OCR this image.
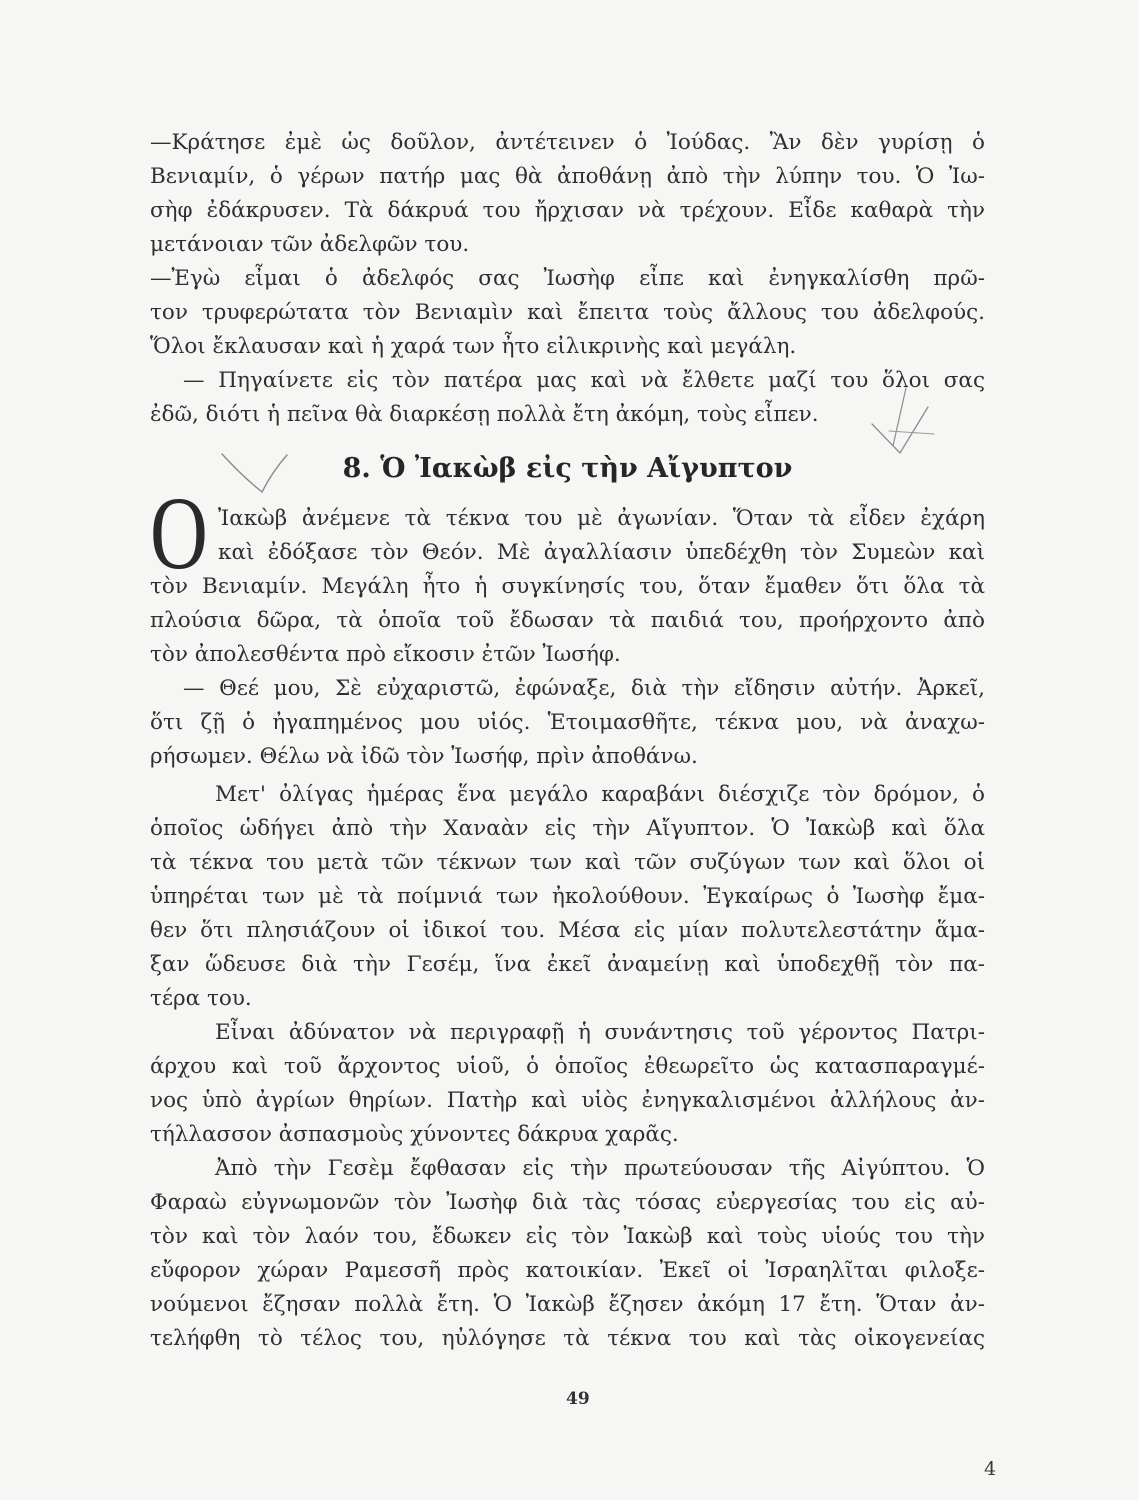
—Κράτησε ἐμὲ ὡς δοῦλον, ἀντέτεινεν ὁ Ἰούδας. Ἂν δὲν γυρίσῃ ὁ
Βενιαμίν, ὁ γέρων πατήρ μας θὰ ἀποθάνῃ ἀπὸ τὴν λύπην του. Ὁ Ἰω-
σὴφ ἐδάκρυσεν. Τὰ δάκρυά του ἤρχισαν νὰ τρέχουν. Εἶδε καθαρὰ τὴν
μετάνοιαν τῶν ἀδελφῶν του.
—Ἐγὼ εἶμαι ὁ ἀδελφός σας Ἰωσὴφ εἶπε καὶ ἐνηγκαλίσθη πρῶ-
τον τρυφερώτατα τὸν Βενιαμὶν καὶ ἔπειτα τοὺς ἄλλους του ἀδελφούς.
Ὅλοι ἔκλαυσαν καὶ ἡ χαρά των ἦτο εἰλικρινὴς καὶ μεγάλη.
— Πηγαίνετε εἰς τὸν πατέρα μας καὶ νὰ ἔλθετε μαζί του ὅλοι σας
ἐδῶ, διότι ἡ πεῖνα θὰ διαρκέσῃ πολλὰ ἔτη ἀκόμη, τοὺς εἶπεν.
8. Ὁ Ἰακὼβ εἰς τὴν Αἴγυπτον
Ο Ἰακὼβ ἀνέμενε τὰ τέκνα του μὲ ἀγωνίαν. Ὅταν τὰ εἶδεν ἐχάρη
καὶ ἐδόξασε τὸν Θεόν. Μὲ ἀγαλλίασιν ὑπεδέχθη τὸν Συμεὼν καὶ
τὸν Βενιαμίν. Μεγάλη ἦτο ἡ συγκίνησίς του, ὅταν ἔμαθεν ὅτι ὅλα τὰ
πλούσια δῶρα, τὰ ὁποῖα τοῦ ἔδωσαν τὰ παιδιά του, προήρχοντο ἀπὸ
τὸν ἀπολεσθέντα πρὸ εἴκοσιν ἐτῶν Ἰωσήφ.
— Θεέ μου, Σὲ εὐχαριστῶ, ἐφώναξε, διὰ τὴν εἴδησιν αὐτήν. Ἀρκεῖ,
ὅτι ζῇ ὁ ἠγαπημένος μου υἱός. Ἑτοιμασθῆτε, τέκνα μου, νὰ ἀναχω-
ρήσωμεν. Θέλω νὰ ἰδῶ τὸν Ἰωσήφ, πρὶν ἀποθάνω.
Μετ' ὀλίγας ἡμέρας ἕνα μεγάλο καραβάνι διέσχιζε τὸν δρόμον, ὁ
ὁποῖος ὡδήγει ἀπὸ τὴν Χαναὰν εἰς τὴν Αἴγυπτον. Ὁ Ἰακὼβ καὶ ὅλα
τὰ τέκνα του μετὰ τῶν τέκνων των καὶ τῶν συζύγων των καὶ ὅλοι οἱ
ὑπηρέται των μὲ τὰ ποίμνιά των ἠκολούθουν. Ἐγκαίρως ὁ Ἰωσὴφ ἔμα-
θεν ὅτι πλησιάζουν οἱ ἰδικοί του. Μέσα εἰς μίαν πολυτελεστάτην ἅμα-
ξαν ὥδευσε διὰ τὴν Γεσέμ, ἵνα ἐκεῖ ἀναμείνῃ καὶ ὑποδεχθῇ τὸν πα-
τέρα του.
Εἶναι ἀδύνατον νὰ περιγραφῇ ἡ συνάντησις τοῦ γέροντος Πατρι-
άρχου καὶ τοῦ ἄρχοντος υἱοῦ, ὁ ὁποῖος ἐθεωρεῖτο ὡς κατασπαραγμέ-
νος ὑπὸ ἀγρίων θηρίων. Πατὴρ καὶ υἱὸς ἐνηγκαλισμένοι ἀλλήλους ἀν-
τήλλασσον ἀσπασμοὺς χύνοντες δάκρυα χαρᾶς.
Ἀπὸ τὴν Γεσὲμ ἔφθασαν εἰς τὴν πρωτεύουσαν τῆς Αἰγύπτου. Ὁ
Φαραὼ εὐγνωμονῶν τὸν Ἰωσὴφ διὰ τὰς τόσας εὐεργεσίας του εἰς αὐ-
τὸν καὶ τὸν λαόν του, ἔδωκεν εἰς τὸν Ἰακὼβ καὶ τοὺς υἱούς του τὴν
εὔφορον χώραν Ραμεσσῆ πρὸς κατοικίαν. Ἐκεῖ οἱ Ἰσραηλῖται φιλοξε-
νούμενοι ἔζησαν πολλὰ ἔτη. Ὁ Ἰακὼβ ἔζησεν ἀκόμη 17 ἔτη. Ὅταν ἀν-
τελήφθη τὸ τέλος του, ηὐλόγησε τὰ τέκνα του καὶ τὰς οἰκογενείας
49
4
